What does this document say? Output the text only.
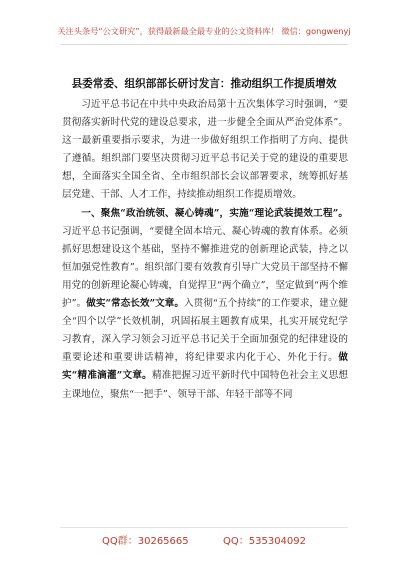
关注头条号“公文研究”，获得最新最全最专业的公文资料库！ 微信：gongwenyj
县委常委、组织部部长研讨发言：推动组织工作提质增效

习近平总书记在中共中央政治局第十五次集体学习时强调，“要贯彻落实新时代党的建设总要求，进一步健全全面从严治党体系”。这一最新重要指示要求，为进一步做好组织工作指明了方向、提供了遵循。组织部门要坚决贯彻习近平总书记关于党的建设的重要思想，全面落实全国全省、全市组织部长会议部署要求，统筹抓好基层党建、干部、人才工作，持续推动组织工作提质增效。

一、聚焦“政治统领、凝心铸魂”，实施“理论武装提效工程”。习近平总书记强调，“要健全固本培元、凝心铸魂的教育体系。必须抓好思想建设这个基础，坚持不懈推进党的创新理论武装，持之以恒加强党性教育”。组织部门要有效教育引导广大党员干部坚持不懈用党的创新理论凝心铸魂，自觉捍卫“两个确立”，坚定做到“两个维护”。做实“常态长效”文章。入贯彻“五个持续”的工作要求，建立健全“四个以学”长效机制，巩固拓展主题教育成果，扎实开展党纪学习教育，深入学习领会习近平总书记关于全面加强党的纪律建设的重要论述和重要讲话精神，将纪律要求内化于心、外化于行。做实“精准滴灌”文章。精准把握习近平新时代中国特色社会主义思想主课地位，聚焦“一把手”、领导干部、年轻干部等不同

QQ群：30265665	QQ：535304092
